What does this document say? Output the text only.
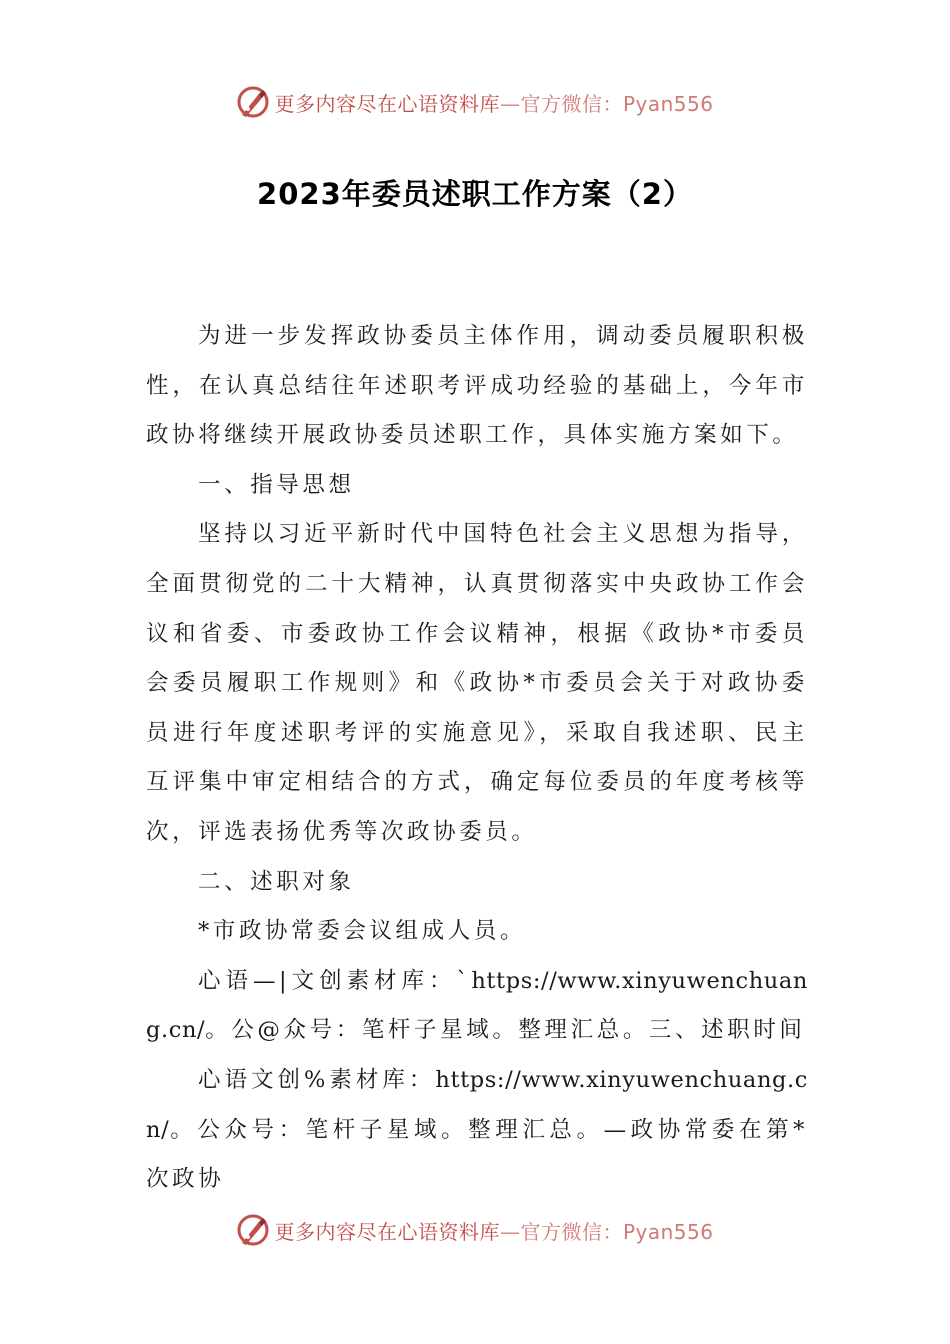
更多内容尽在心语资料库—官方微信：Pyan556
2023年委员述职工作方案（2）

为进一步发挥政协委员主体作用，调动委员履职积极性，在认真总结往年述职考评成功经验的基础上，今年市政协将继续开展政协委员述职工作，具体实施方案如下。

一、指导思想

坚持以习近平新时代中国特色社会主义思想为指导，全面贯彻党的二十大精神，认真贯彻落实中央政协工作会议和省委、市委政协工作会议精神，根据《政协*市委员会委员履职工作规则》和《政协*市委员会关于对政协委员进行年度述职考评的实施意见》，采取自我述职、民主互评集中审定相结合的方式，确定每位委员的年度考核等次，评选表扬优秀等次政协委员。

二、述职对象

*市政协常委会议组成人员。

心语—|文创素材库：`https://www.xinyuwenchuang.cn/。公@众号：笔杆子星域。整理汇总。三、述职时间

心语文创%素材库：https://www.xinyuwenchuang.cn/。公众号：笔杆子星域。整理汇总。—政协常委在第*次政协

更多内容尽在心语资料库—官方微信：Pyan556
